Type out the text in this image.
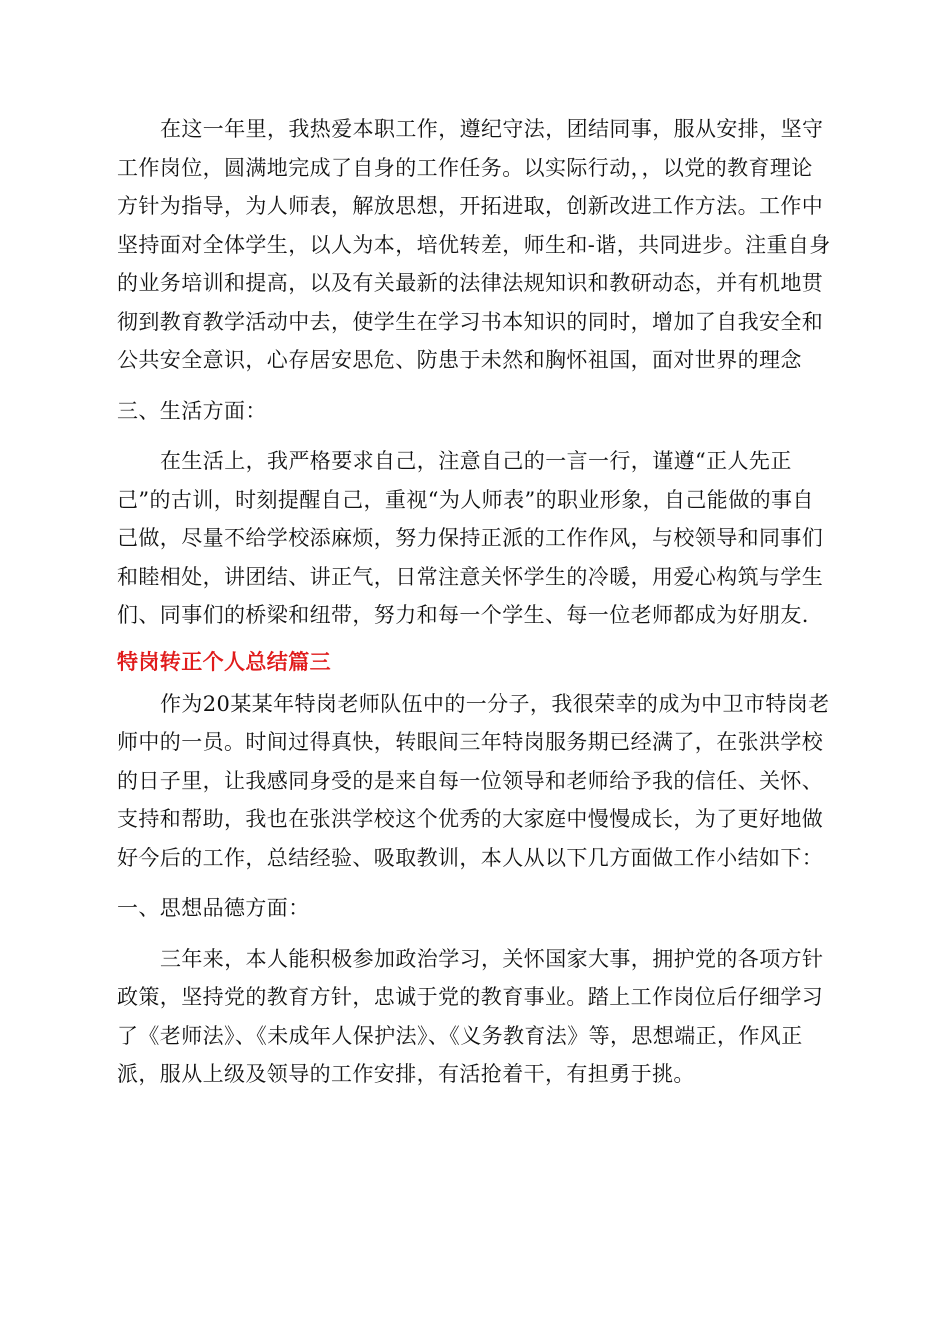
在这一年里，我热爱本职工作，遵纪守法，团结同事，服从安排，坚守工作岗位，圆满地完成了自身的工作任务。以实际行动，，以党的教育理论方针为指导，为人师表，解放思想，开拓进取，创新改进工作方法。工作中坚持面对全体学生，以人为本，培优转差，师生和-谐，共同进步。注重自身的业务培训和提高，以及有关最新的法律法规知识和教研动态，并有机地贯彻到教育教学活动中去，使学生在学习书本知识的同时，增加了自我安全和公共安全意识，心存居安思危、防患于未然和胸怀祖国，面对世界的理念

三、生活方面：

在生活上，我严格要求自己，注意自己的一言一行，谨遵“正人先正己”的古训，时刻提醒自己，重视“为人师表”的职业形象，自己能做的事自己做，尽量不给学校添麻烦，努力保持正派的工作作风，与校领导和同事们和睦相处，讲团结、讲正气，日常注意关怀学生的冷暖，用爱心构筑与学生们、同事们的桥梁和纽带，努力和每一个学生、每一位老师都成为好朋友.

特岗转正个人总结篇三

作为20某某年特岗老师队伍中的一分子，我很荣幸的成为中卫市特岗老师中的一员。时间过得真快，转眼间三年特岗服务期已经满了，在张洪学校的日子里，让我感同身受的是来自每一位领导和老师给予我的信任、关怀、支持和帮助，我也在张洪学校这个优秀的大家庭中慢慢成长，为了更好地做好今后的工作，总结经验、吸取教训，本人从以下几方面做工作小结如下：

一、思想品德方面：

三年来，本人能积极参加政治学习，关怀国家大事，拥护党的各项方针政策，坚持党的教育方针，忠诚于党的教育事业。踏上工作岗位后仔细学习了《老师法》、《未成年人保护法》、《义务教育法》等，思想端正，作风正派，服从上级及领导的工作安排，有活抢着干，有担勇于挑。
